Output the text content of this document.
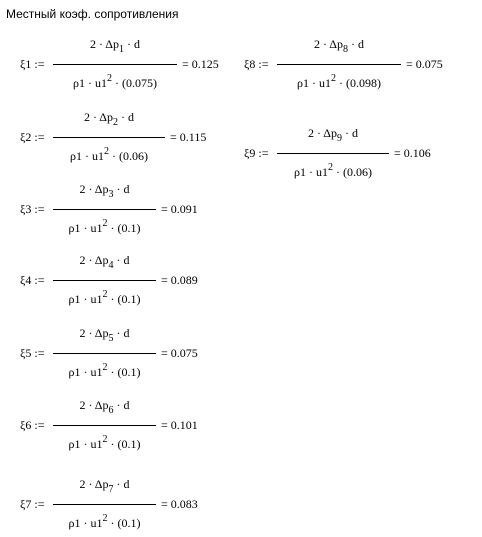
Местный коэф. сопротивления
ξ1 :=
$2 \cdot \Delta p_1 \cdot d$
$\rho 1 \cdot u1^2 \cdot (0.075)$
= 0.125
ξ2 :=
$2 \cdot \Delta p_2 \cdot d$
$\rho 1 \cdot u1^2 \cdot (0.06)$
= 0.115
ξ3 :=
$2 \cdot \Delta p_3 \cdot d$
$\rho 1 \cdot u1^2 \cdot (0.1)$
= 0.091
ξ4 :=
$2 \cdot \Delta p_4 \cdot d$
$\rho 1 \cdot u1^2 \cdot (0.1)$
= 0.089
ξ5 :=
$2 \cdot \Delta p_5 \cdot d$
$\rho 1 \cdot u1^2 \cdot (0.1)$
= 0.075
ξ6 :=
$2 \cdot \Delta p_6 \cdot d$
$\rho 1 \cdot u1^2 \cdot (0.1)$
= 0.101
ξ7 :=
$2 \cdot \Delta p_7 \cdot d$
$\rho 1 \cdot u1^2 \cdot (0.1)$
= 0.083
ξ8 :=
$2 \cdot \Delta p_8 \cdot d$
$\rho 1 \cdot u1^2 \cdot (0.098)$
= 0.075
ξ9 :=
$2 \cdot \Delta p_9 \cdot d$
$\rho 1 \cdot u1^2 \cdot (0.06)$
= 0.106
